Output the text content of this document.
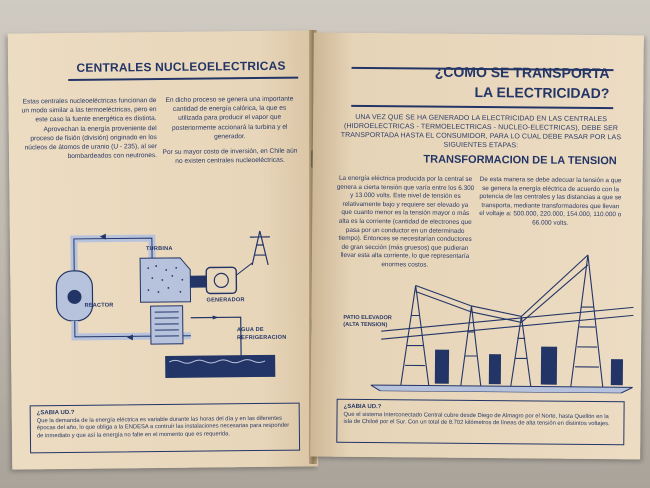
CENTRALES NUCLEOELECTRICAS
Estas centrales nucleoeléctricas funcionan de un modo similar a las termoeléctricas, pero en este caso la fuente energética es distinta. Aprovechan la energía proveniente del proceso de fisión (división) originado en los núcleos de átomos de uranio (U - 235), al ser bombardeados con neutrones.

En dicho proceso se genera una importante cantidad de energía calórica, la que es utilizada para producir el vapor que posteriormente accionará la turbina y el generador.

Por su mayor costo de inversión, en Chile aún no existen centrales nucleoeléctricas.

TURBINA
REACTOR
GENERADOR
AGUA DE
REFRIGERACION
¿SABIA UD.?
Que la demanda de la energía eléctrica es variable durante las horas del día y en las diferentes épocas del año, lo que obliga a la ENDESA a contruír las instalaciones necesarias para responder de inmediato y que así la energía no falte en el momento que es requerida.
¿COMO SE TRANSPORTA
LA ELECTRICIDAD?
UNA VEZ QUE SE HA GENERADO LA ELECTRICIDAD EN LAS CENTRALES (HIDROELECTRICAS - TERMOELECTRICAS - NUCLEO-ELECTRICAS), DEBE SER TRANSPORTADA HASTA EL CONSUMIDOR, PARA LO CUAL DEBE PASAR POR LAS SIGUIENTES ETAPAS:
TRANSFORMACION DE LA TENSION
La energía eléctrica producida por la central se genera a cierta tensión que varía entre los 6.300 y 13.000 volts. Este nivel de tensión es relativamente bajo y requiere ser elevado ya que cuanto menor es la tensión mayor o más alta es la corriente (cantidad de electrones que pasa por un conductor en un determinado tiempo). Entonces se necesitarían conductores de gran sección (más gruesos) que pudieran llevar esta alta corriente, lo que representaría enormes costos.
De esta manera se debe adecuar la tensión a que se genera la energía eléctrica de acuerdo con la potencia de las centrales y las distancias a que se transporta, mediante transformadores que llevan el voltaje a: 500.000, 220.000, 154.000, 110.000 o 66.000 volts.
PATIO ELEVADOR
(ALTA TENSION)
¿SABIA UD.?
Que el sistema Interconectado Central cubre desde Diego de Almagro por el Norte, hasta Quellón en la isla de Chiloé por el Sur. Con un total de 8.702 kilómetros de líneas de alta tensión en distintos voltajes.
